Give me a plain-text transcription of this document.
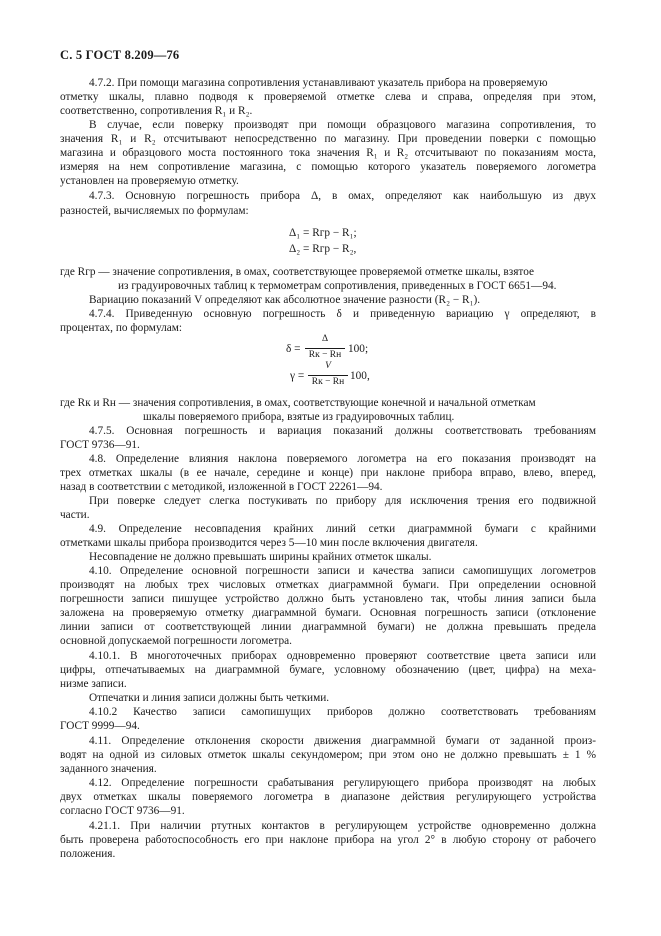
С. 5 ГОСТ 8.209—76
4.7.2. При помощи магазина сопротивления устанавливают указатель прибора на проверяемую
отметку шкалы, плавно подводя к проверяемой отметке слева и справа, определяя при этом,
соответственно, сопротивления R₁ и R₂.
В случае, если поверку производят при помощи образцового магазина сопротивления, то
значения R₁ и R₂ отсчитывают непосредственно по магазину. При проведении поверки с помощью
магазина и образцового моста постоянного тока значения R₁ и R₂ отсчитывают по показаниям моста,
измеряя на нем сопротивление магазина, с помощью которого указатель поверяемого логометра
установлен на проверяемую отметку.
4.7.3. Основную погрешность прибора Δ, в омах, определяют как наибольшую из двух
разностей, вычисляемых по формулам:
Δ₁ = Rгр − R₁;
Δ₂ = Rгр − R₂,
где Rгр — значение сопротивления, в омах, соответствующее проверяемой отметке шкалы, взятое
из градуировочных таблиц к термометрам сопротивления, приведенных в ГОСТ 6651—94.
Вариацию показаний V определяют как абсолютное значение разности (R₂ − R₁).
4.7.4. Приведенную основную погрешность δ и приведенную вариацию γ определяют, в
процентах, по формулам:
δ =
Δ
Rк − Rн 100;
γ =
V
Rк − Rн 100,
где Rк и Rн — значения сопротивления, в омах, соответствующие конечной и начальной отметкам
шкалы поверяемого прибора, взятые из градуировочных таблиц.
4.7.5. Основная погрешность и вариация показаний должны соответствовать требованиям
ГОСТ 9736—91.
4.8. Определение влияния наклона поверяемого логометра на его показания производят на
трех отметках шкалы (в ее начале, середине и конце) при наклоне прибора вправо, влево, вперед,
назад в соответствии с методикой, изложенной в ГОСТ 22261—94.
При поверке следует слегка постукивать по прибору для исключения трения его подвижной
части.
4.9. Определение несовпадения крайних линий сетки диаграммной бумаги с крайними
отметками шкалы прибора производится через 5—10 мин после включения двигателя.
Несовпадение не должно превышать ширины крайних отметок шкалы.
4.10. Определение основной погрешности записи и качества записи самопишущих логометров
производят на любых трех числовых отметках диаграммной бумаги. При определении основной
погрешности записи пишущее устройство должно быть установлено так, чтобы линия записи была
заложена на проверяемую отметку диаграммной бумаги. Основная погрешность записи (отклонение
линии записи от соответствующей линии диаграммной бумаги) не должна превышать предела
основной допускаемой погрешности логометра.
4.10.1. В многоточечных приборах одновременно проверяют соответствие цвета записи или
цифры, отпечатываемых на диаграммной бумаге, условному обозначению (цвет, цифра) на меха-
низме записи.
Отпечатки и линия записи должны быть четкими.
4.10.2 Качество записи самопишущих приборов должно соответствовать требованиям
ГОСТ 9999—94.
4.11. Определение отклонения скорости движения диаграммной бумаги от заданной произ-
водят на одной из силовых отметок шкалы секундомером; при этом оно не должно превышать ± 1 %
заданного значения.
4.12. Определение погрешности срабатывания регулирующего прибора производят на любых
двух отметках шкалы поверяемого логометра в диапазоне действия регулирующего устройства
согласно ГОСТ 9736—91.
4.21.1. При наличии ртутных контактов в регулирующем устройстве одновременно должна
быть проверена работоспособность его при наклоне прибора на угол 2° в любую сторону от рабочего
положения.
